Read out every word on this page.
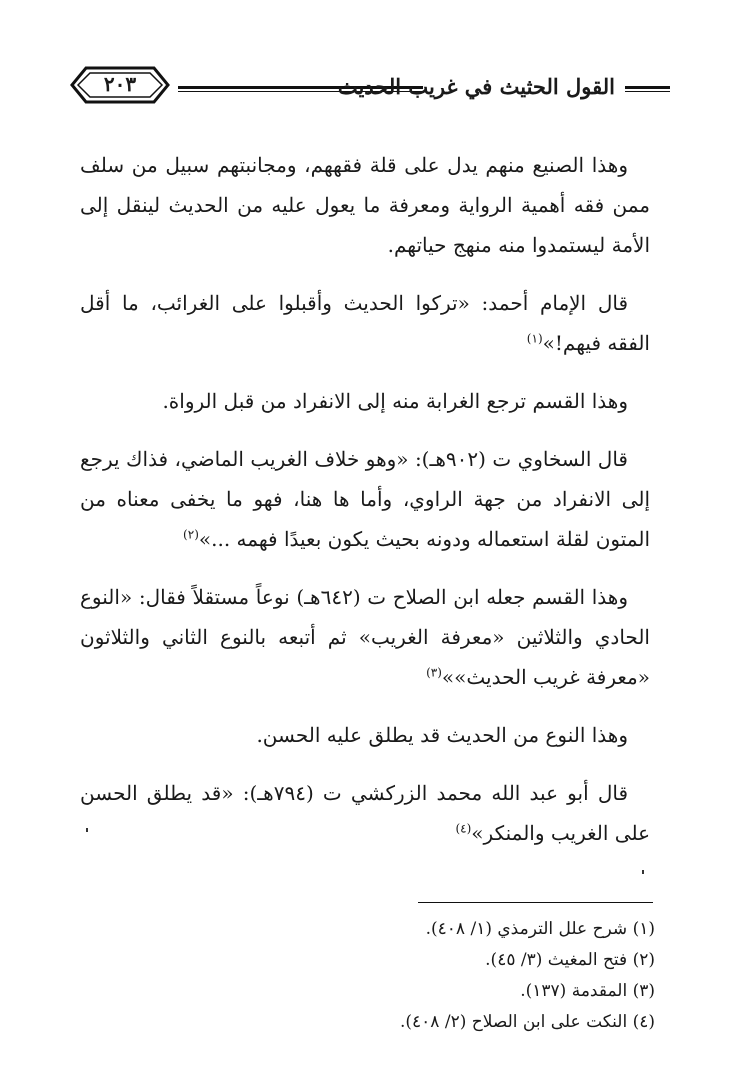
٢٠٣	القول الحثيث في غريب الحديث

وهذا الصنيع منهم يدل على قلة فقههم، ومجانبتهم سبيل من سلف ممن فقه أهمية الرواية ومعرفة ما يعول عليه من الحديث لينقل إلى الأمة ليستمدوا منه منهج حياتهم.

قال الإمام أحمد: «تركوا الحديث وأقبلوا على الغرائب، ما أقل الفقه فيهم!»$^{(١)}$

وهذا القسم ترجع الغرابة منه إلى الانفراد من قبل الرواة.

قال السخاوي ت (٩٠٢هـ): «وهو خلاف الغريب الماضي، فذاك يرجع إلى الانفراد من جهة الراوي، وأما ها هنا، فهو ما يخفى معناه من المتون لقلة استعماله ودونه بحيث يكون بعيدًا فهمه ...»$^{(٢)}$

وهذا القسم جعله ابن الصلاح ت (٦٤٢هـ) نوعاً مستقلاً فقال: «النوع الحادي والثلاثين «معرفة الغريب» ثم أتبعه بالنوع الثاني والثلاثون «معرفة غريب الحديث»»$^{(٣)}$

وهذا النوع من الحديث قد يطلق عليه الحسن.

قال أبو عبد الله محمد الزركشي ت (٧٩٤هـ): «قد يطلق الحسن على الغريب والمنكر»$^{(٤)}$

(١) شرح علل الترمذي (١/ ٤٠٨).
(٢) فتح المغيث (٣/ ٤٥).
(٣) المقدمة (١٣٧).
(٤) النكت على ابن الصلاح (٢/ ٤٠٨).
